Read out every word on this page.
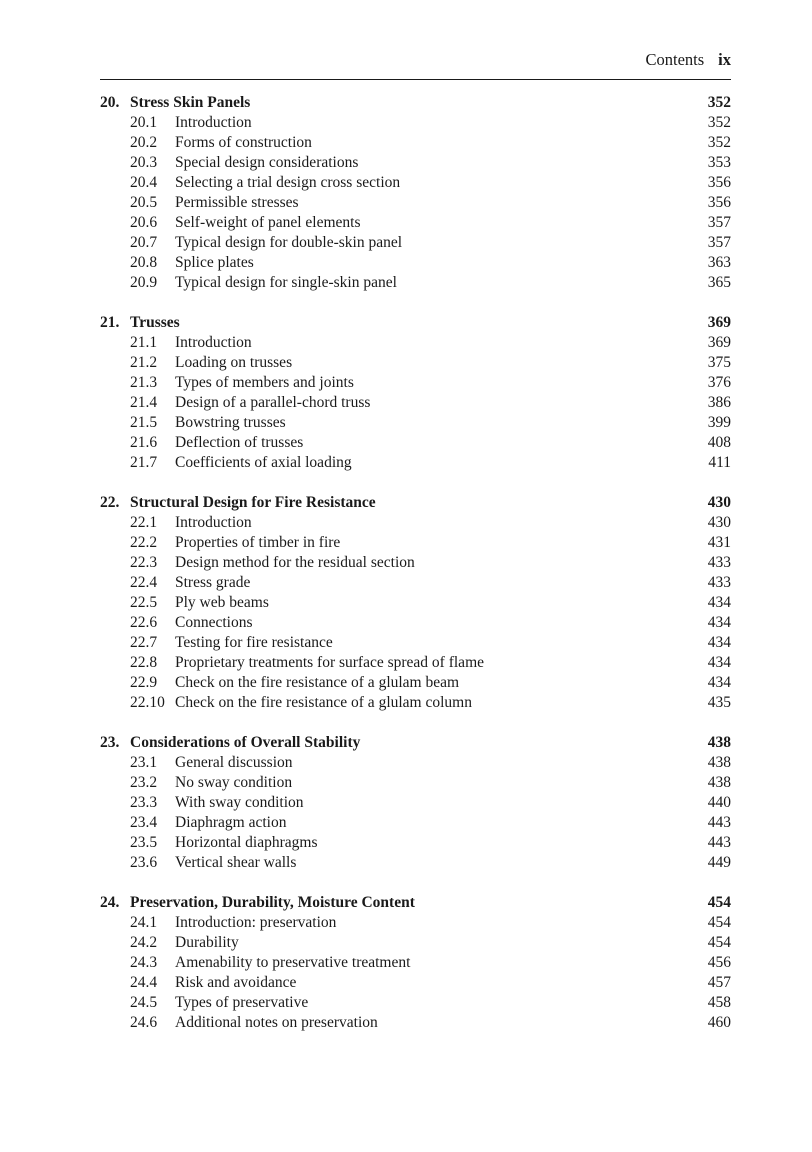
Contents ix
20. Stress Skin Panels	352
20.1 Introduction	352
20.2 Forms of construction	352
20.3 Special design considerations	353
20.4 Selecting a trial design cross section	356
20.5 Permissible stresses	356
20.6 Self-weight of panel elements	357
20.7 Typical design for double-skin panel	357
20.8 Splice plates	363
20.9 Typical design for single-skin panel	365
21. Trusses	369
21.1 Introduction	369
21.2 Loading on trusses	375
21.3 Types of members and joints	376
21.4 Design of a parallel-chord truss	386
21.5 Bowstring trusses	399
21.6 Deflection of trusses	408
21.7 Coefficients of axial loading	411
22. Structural Design for Fire Resistance	430
22.1 Introduction	430
22.2 Properties of timber in fire	431
22.3 Design method for the residual section	433
22.4 Stress grade	433
22.5 Ply web beams	434
22.6 Connections	434
22.7 Testing for fire resistance	434
22.8 Proprietary treatments for surface spread of flame	434
22.9 Check on the fire resistance of a glulam beam	434
22.10 Check on the fire resistance of a glulam column	435
23. Considerations of Overall Stability	438
23.1 General discussion	438
23.2 No sway condition	438
23.3 With sway condition	440
23.4 Diaphragm action	443
23.5 Horizontal diaphragms	443
23.6 Vertical shear walls	449
24. Preservation, Durability, Moisture Content	454
24.1 Introduction: preservation	454
24.2 Durability	454
24.3 Amenability to preservative treatment	456
24.4 Risk and avoidance	457
24.5 Types of preservative	458
24.6 Additional notes on preservation	460
